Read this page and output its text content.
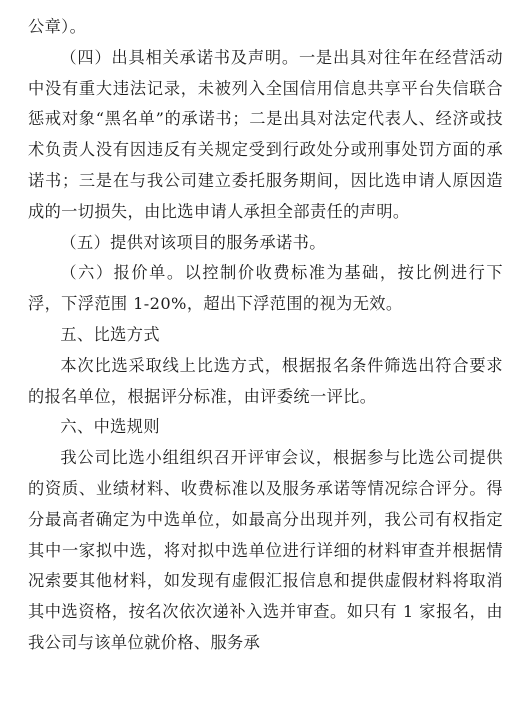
公章）。

（四）出具相关承诺书及声明。一是出具对往年在经营活动中没有重大违法记录，未被列入全国信用信息共享平台失信联合惩戒对象“黑名单”的承诺书；二是出具对法定代表人、经济或技术负责人没有因违反有关规定受到行政处分或刑事处罚方面的承诺书；三是在与我公司建立委托服务期间，因比选申请人原因造成的一切损失，由比选申请人承担全部责任的声明。

（五）提供对该项目的服务承诺书。

（六）报价单。以控制价收费标准为基础，按比例进行下浮，下浮范围 1-20%，超出下浮范围的视为无效。

五、比选方式

本次比选采取线上比选方式，根据报名条件筛选出符合要求的报名单位，根据评分标准，由评委统一评比。

六、中选规则

我公司比选小组组织召开评审会议，根据参与比选公司提供的资质、业绩材料、收费标准以及服务承诺等情况综合评分。得分最高者确定为中选单位，如最高分出现并列，我公司有权指定其中一家拟中选，将对拟中选单位进行详细的材料审查并根据情况索要其他材料，如发现有虚假汇报信息和提供虚假材料将取消其中选资格，按名次依次递补入选并审查。如只有 1 家报名，由我公司与该单位就价格、服务承
